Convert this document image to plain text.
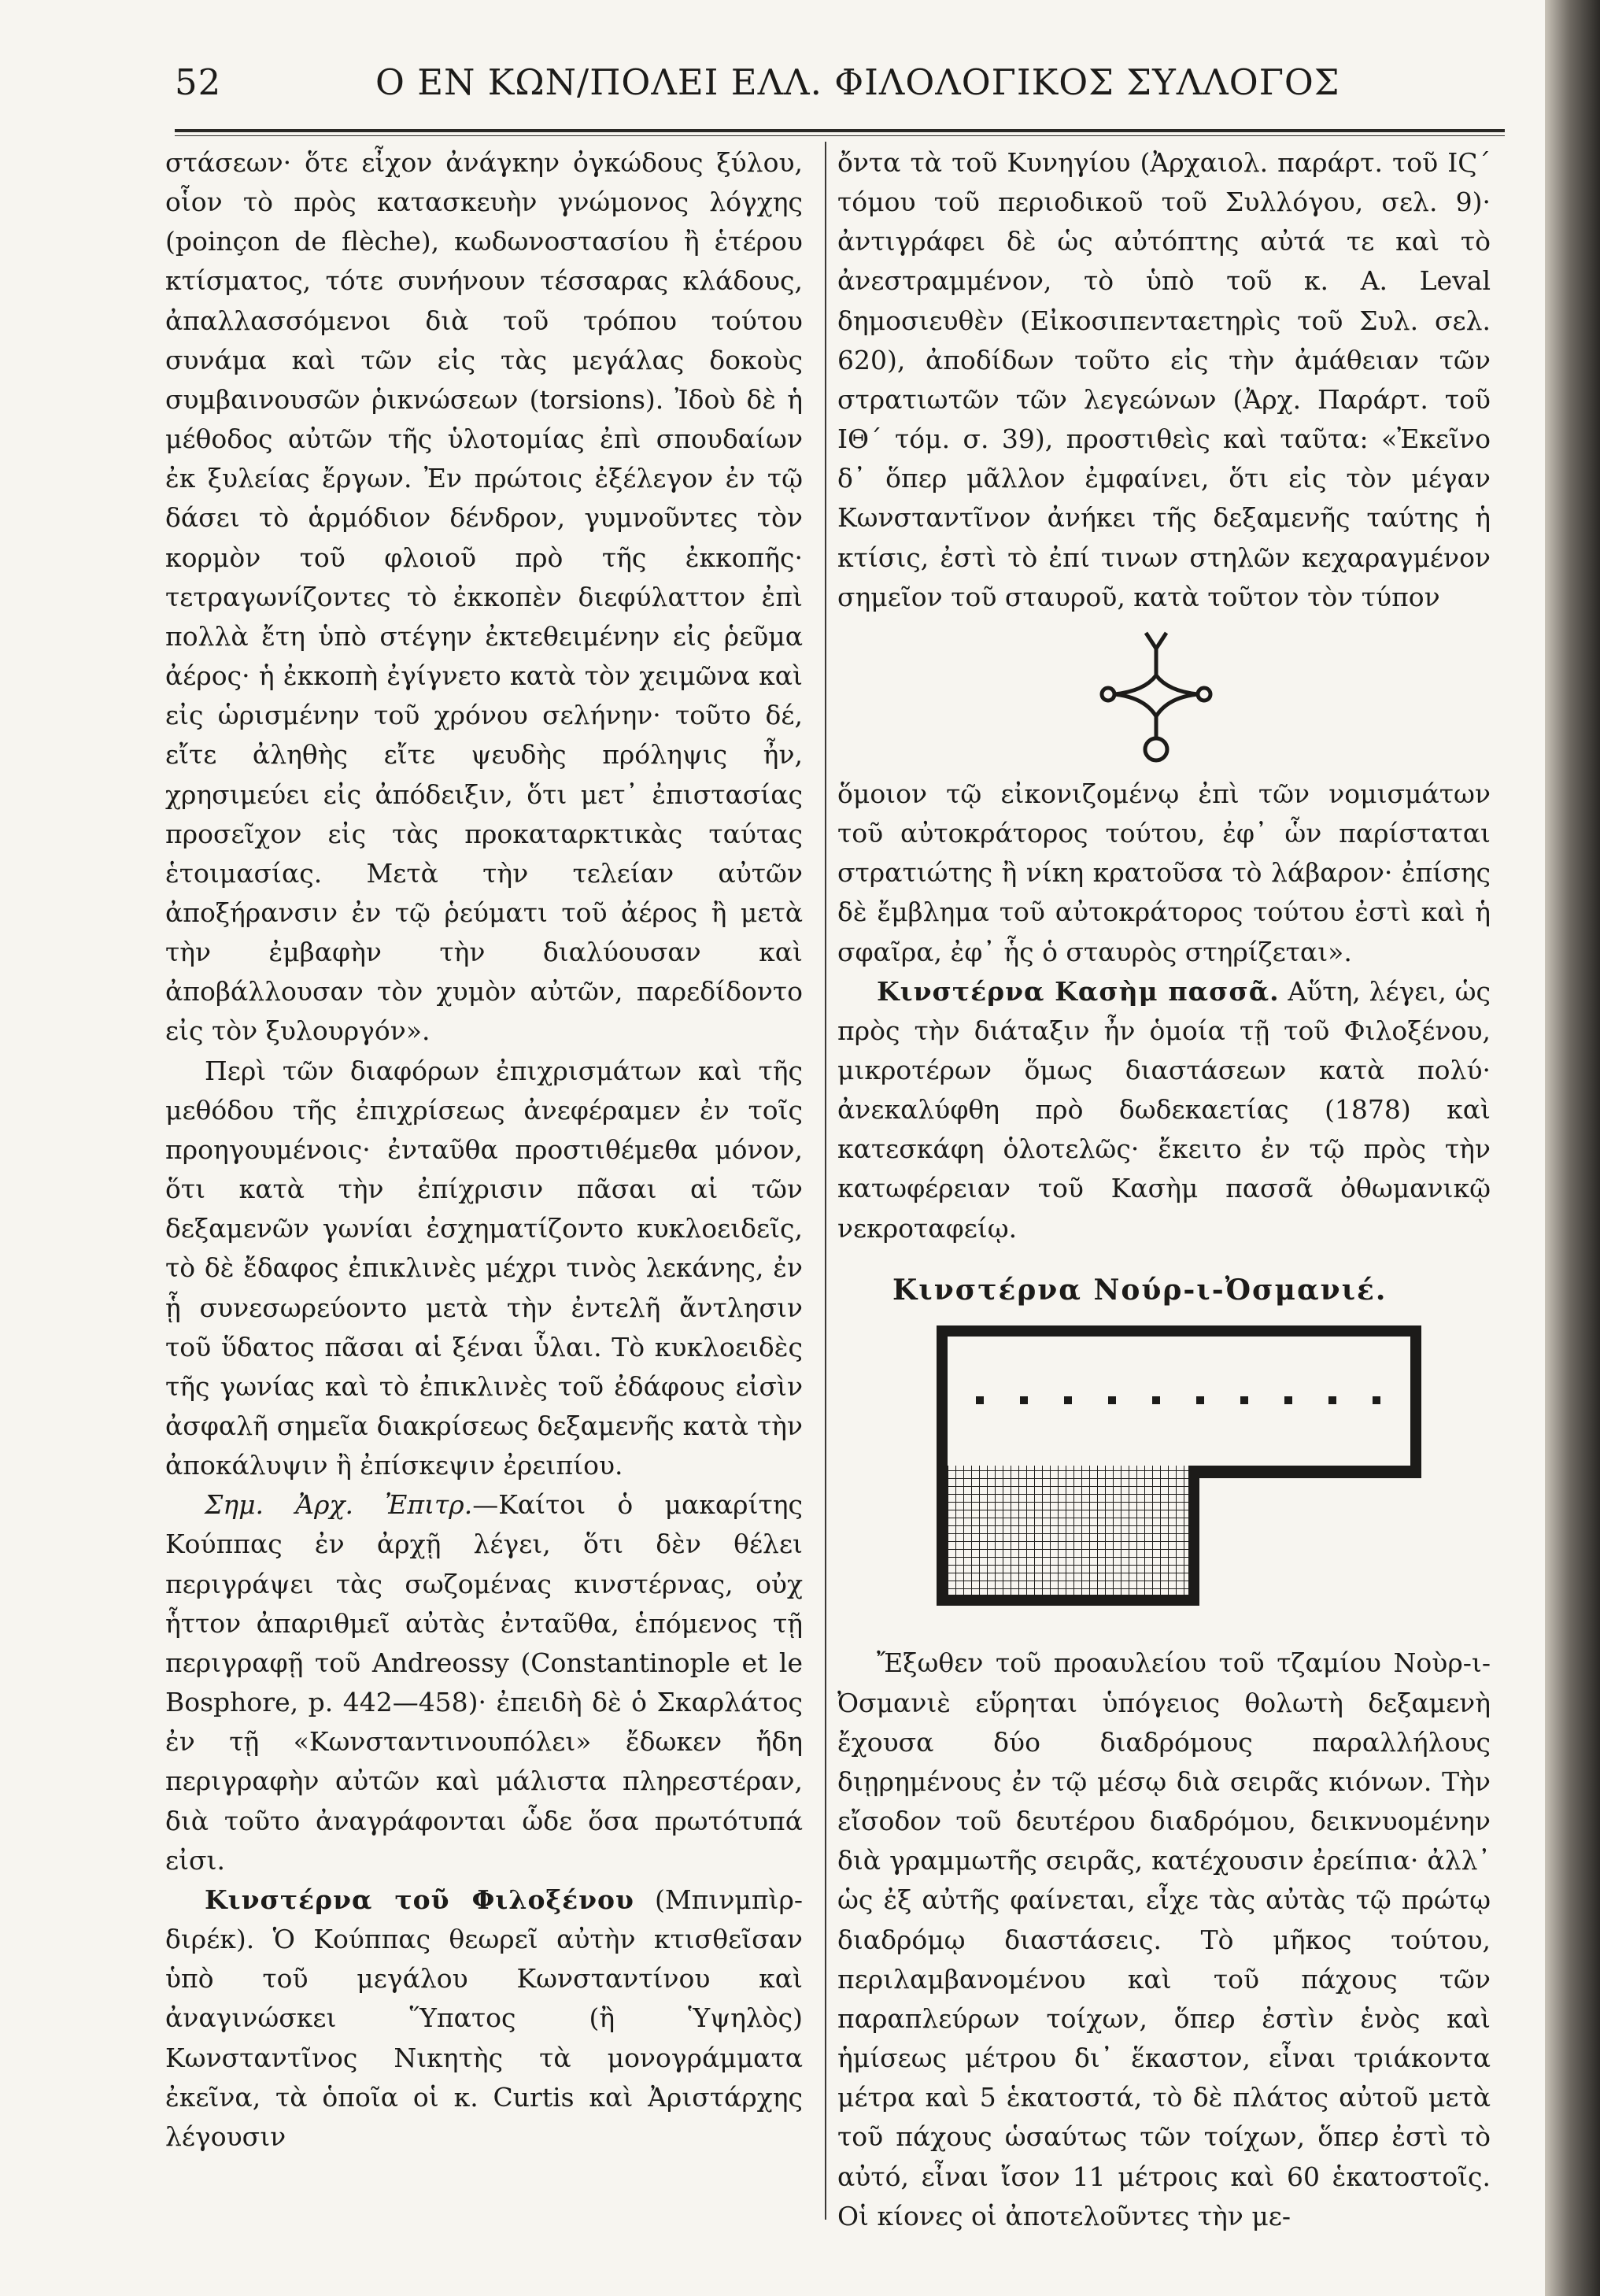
52	Ο ΕΝ ΚΩΝ/ΠΟΛΕΙ ΕΛΛ. ΦΙΛΟΛΟΓΙΚΟΣ ΣΥΛΛΟΓΟΣ

στάσεων· ὅτε εἶχον ἀνάγκην ὀγκώδους ξύλου, οἷον τὸ πρὸς κατασκευὴν γνώμονος λόγχης (poinçon de flèche), κωδωνοστασίου ἢ ἑτέρου κτίσματος, τότε συνήνουν τέσσαρας κλάδους, ἀπαλλασσόμενοι διὰ τοῦ τρόπου τούτου συνάμα καὶ τῶν εἰς τὰς μεγάλας δοκοὺς συμβαινουσῶν ῥικνώσεων (torsions). Ἰδοὺ δὲ ἡ μέθοδος αὐτῶν τῆς ὑλοτομίας ἐπὶ σπουδαίων ἐκ ξυλείας ἔργων. Ἐν πρώτοις ἐξέλεγον ἐν τῷ δάσει τὸ ἁρμόδιον δένδρον, γυμνοῦντες τὸν κορμὸν τοῦ φλοιοῦ πρὸ τῆς ἐκκοπῆς· τετραγωνίζοντες τὸ ἐκκοπὲν διεφύλαττον ἐπὶ πολλὰ ἔτη ὑπὸ στέγην ἐκτεθειμένην εἰς ῥεῦμα ἀέρος· ἡ ἐκκοπὴ ἐγίγνετο κατὰ τὸν χειμῶνα καὶ εἰς ὡρισμένην τοῦ χρόνου σελήνην· τοῦτο δέ, εἴτε ἀληθὴς εἴτε ψευδὴς πρόληψις ἦν, χρησιμεύει εἰς ἀπόδειξιν, ὅτι μετ᾽ ἐπιστασίας προσεῖχον εἰς τὰς προκαταρκτικὰς ταύτας ἑτοιμασίας. Μετὰ τὴν τελείαν αὐτῶν ἀποξήρανσιν ἐν τῷ ῥεύματι τοῦ ἀέρος ἢ μετὰ τὴν ἐμβαφὴν τὴν διαλύουσαν καὶ ἀποβάλλουσαν τὸν χυμὸν αὐτῶν, παρεδίδοντο εἰς τὸν ξυλουργόν».

Περὶ τῶν διαφόρων ἐπιχρισμάτων καὶ τῆς μεθόδου τῆς ἐπιχρίσεως ἀνεφέραμεν ἐν τοῖς προηγουμένοις· ἐνταῦθα προστιθέμεθα μόνον, ὅτι κατὰ τὴν ἐπίχρισιν πᾶσαι αἱ τῶν δεξαμενῶν γωνίαι ἐσχηματίζοντο κυκλοειδεῖς, τὸ δὲ ἔδαφος ἐπικλινὲς μέχρι τινὸς λεκάνης, ἐν ᾗ συνεσωρεύοντο μετὰ τὴν ἐντελῆ ἄντλησιν τοῦ ὕδατος πᾶσαι αἱ ξέναι ὗλαι. Τὸ κυκλοειδὲς τῆς γωνίας καὶ τὸ ἐπικλινὲς τοῦ ἐδάφους εἰσὶν ἀσφαλῆ σημεῖα διακρίσεως δεξαμενῆς κατὰ τὴν ἀποκάλυψιν ἢ ἐπίσκεψιν ἐρειπίου.

Σημ. Ἀρχ. Ἐπιτρ.—Καίτοι ὁ μακαρίτης Κούππας ἐν ἀρχῇ λέγει, ὅτι δὲν θέλει περιγράψει τὰς σωζομένας κινστέρνας, οὐχ ἧττον ἀπαριθμεῖ αὐτὰς ἐνταῦθα, ἑπόμενος τῇ περιγραφῇ τοῦ Andreossy (Constantinople et le Bosphore, p. 442—458)· ἐπειδὴ δὲ ὁ Σκαρλάτος ἐν τῇ «Κωνσταντινουπόλει» ἔδωκεν ἤδη περιγραφὴν αὐτῶν καὶ μάλιστα πληρεστέραν, διὰ τοῦτο ἀναγράφονται ὧδε ὅσα πρωτότυπά εἰσι.

Κινστέρνα τοῦ Φιλοξένου (Μπινμπὶρ-διρέκ). Ὁ Κούππας θεωρεῖ αὐτὴν κτισθεῖσαν ὑπὸ τοῦ μεγάλου Κωνσταντίνου καὶ ἀναγινώσκει Ὕπατος (ἢ Ὑψηλὸς) Κωνσταντῖνος Νικητὴς τὰ μονογράμματα ἐκεῖνα, τὰ ὁποῖα οἱ κ. Curtis καὶ Ἀριστάρχης λέγουσιν

ὄντα τὰ τοῦ Κυνηγίου (Ἀρχαιολ. παράρτ. τοῦ ΙϚ΄ τόμου τοῦ περιοδικοῦ τοῦ Συλλόγου, σελ. 9)· ἀντιγράφει δὲ ὡς αὐτόπτης αὐτά τε καὶ τὸ ἀνεστραμμένον, τὸ ὑπὸ τοῦ κ. A. Leval δημοσιευθὲν (Εἰκοσιπενταετηρὶς τοῦ Συλ. σελ. 620), ἀποδίδων τοῦτο εἰς τὴν ἀμάθειαν τῶν στρατιωτῶν τῶν λεγεώνων (Ἀρχ. Παράρτ. τοῦ ΙΘ΄ τόμ. σ. 39), προστιθεὶς καὶ ταῦτα: «Ἐκεῖνο δ᾽ ὅπερ μᾶλλον ἐμφαίνει, ὅτι εἰς τὸν μέγαν Κωνσταντῖνον ἀνήκει τῆς δεξαμενῆς ταύτης ἡ κτίσις, ἐστὶ τὸ ἐπί τινων στηλῶν κεχαραγμένον σημεῖον τοῦ σταυροῦ, κατὰ τοῦτον τὸν τύπον

ὅμοιον τῷ εἰκονιζομένῳ ἐπὶ τῶν νομισμάτων τοῦ αὐτοκράτορος τούτου, ἐφ᾽ ὧν παρίσταται στρατιώτης ἢ νίκη κρατοῦσα τὸ λάβαρον· ἐπίσης δὲ ἔμβλημα τοῦ αὐτοκράτορος τούτου ἐστὶ καὶ ἡ σφαῖρα, ἐφ᾽ ἧς ὁ σταυρὸς στηρίζεται».

Κινστέρνα Κασὴμ πασσᾶ. Αὕτη, λέγει, ὡς πρὸς τὴν διάταξιν ἦν ὁμοία τῇ τοῦ Φιλοξένου, μικροτέρων ὅμως διαστάσεων κατὰ πολύ· ἀνεκαλύφθη πρὸ δωδεκαετίας (1878) καὶ κατεσκάφη ὁλοτελῶς· ἔκειτο ἐν τῷ πρὸς τὴν κατωφέρειαν τοῦ Κασὴμ πασσᾶ ὀθωμανικῷ νεκροταφείῳ.

Κινστέρνα Νούρ-ι-Ὀσμανιέ.

Ἔξωθεν τοῦ προαυλείου τοῦ τζαμίου Νοὺρ-ι-Ὀσμανιὲ εὕρηται ὑπόγειος θολωτὴ δεξαμενὴ ἔχουσα δύο διαδρόμους παραλλήλους διῃρημένους ἐν τῷ μέσῳ διὰ σειρᾶς κιόνων. Τὴν εἴσοδον τοῦ δευτέρου διαδρόμου, δεικνυομένην διὰ γραμμωτῆς σειρᾶς, κατέχουσιν ἐρείπια· ἀλλ᾽ ὡς ἐξ αὐτῆς φαίνεται, εἶχε τὰς αὐτὰς τῷ πρώτῳ διαδρόμῳ διαστάσεις. Τὸ μῆκος τούτου, περιλαμβανομένου καὶ τοῦ πάχους τῶν παραπλεύρων τοίχων, ὅπερ ἐστὶν ἑνὸς καὶ ἡμίσεως μέτρου δι᾽ ἕκαστον, εἶναι τριάκοντα μέτρα καὶ 5 ἑκατοστά, τὸ δὲ πλάτος αὐτοῦ μετὰ τοῦ πάχους ὡσαύτως τῶν τοίχων, ὅπερ ἐστὶ τὸ αὐτό, εἶναι ἴσον 11 μέτροις καὶ 60 ἑκατοστοῖς. Οἱ κίονες οἱ ἀποτελοῦντες τὴν με-
